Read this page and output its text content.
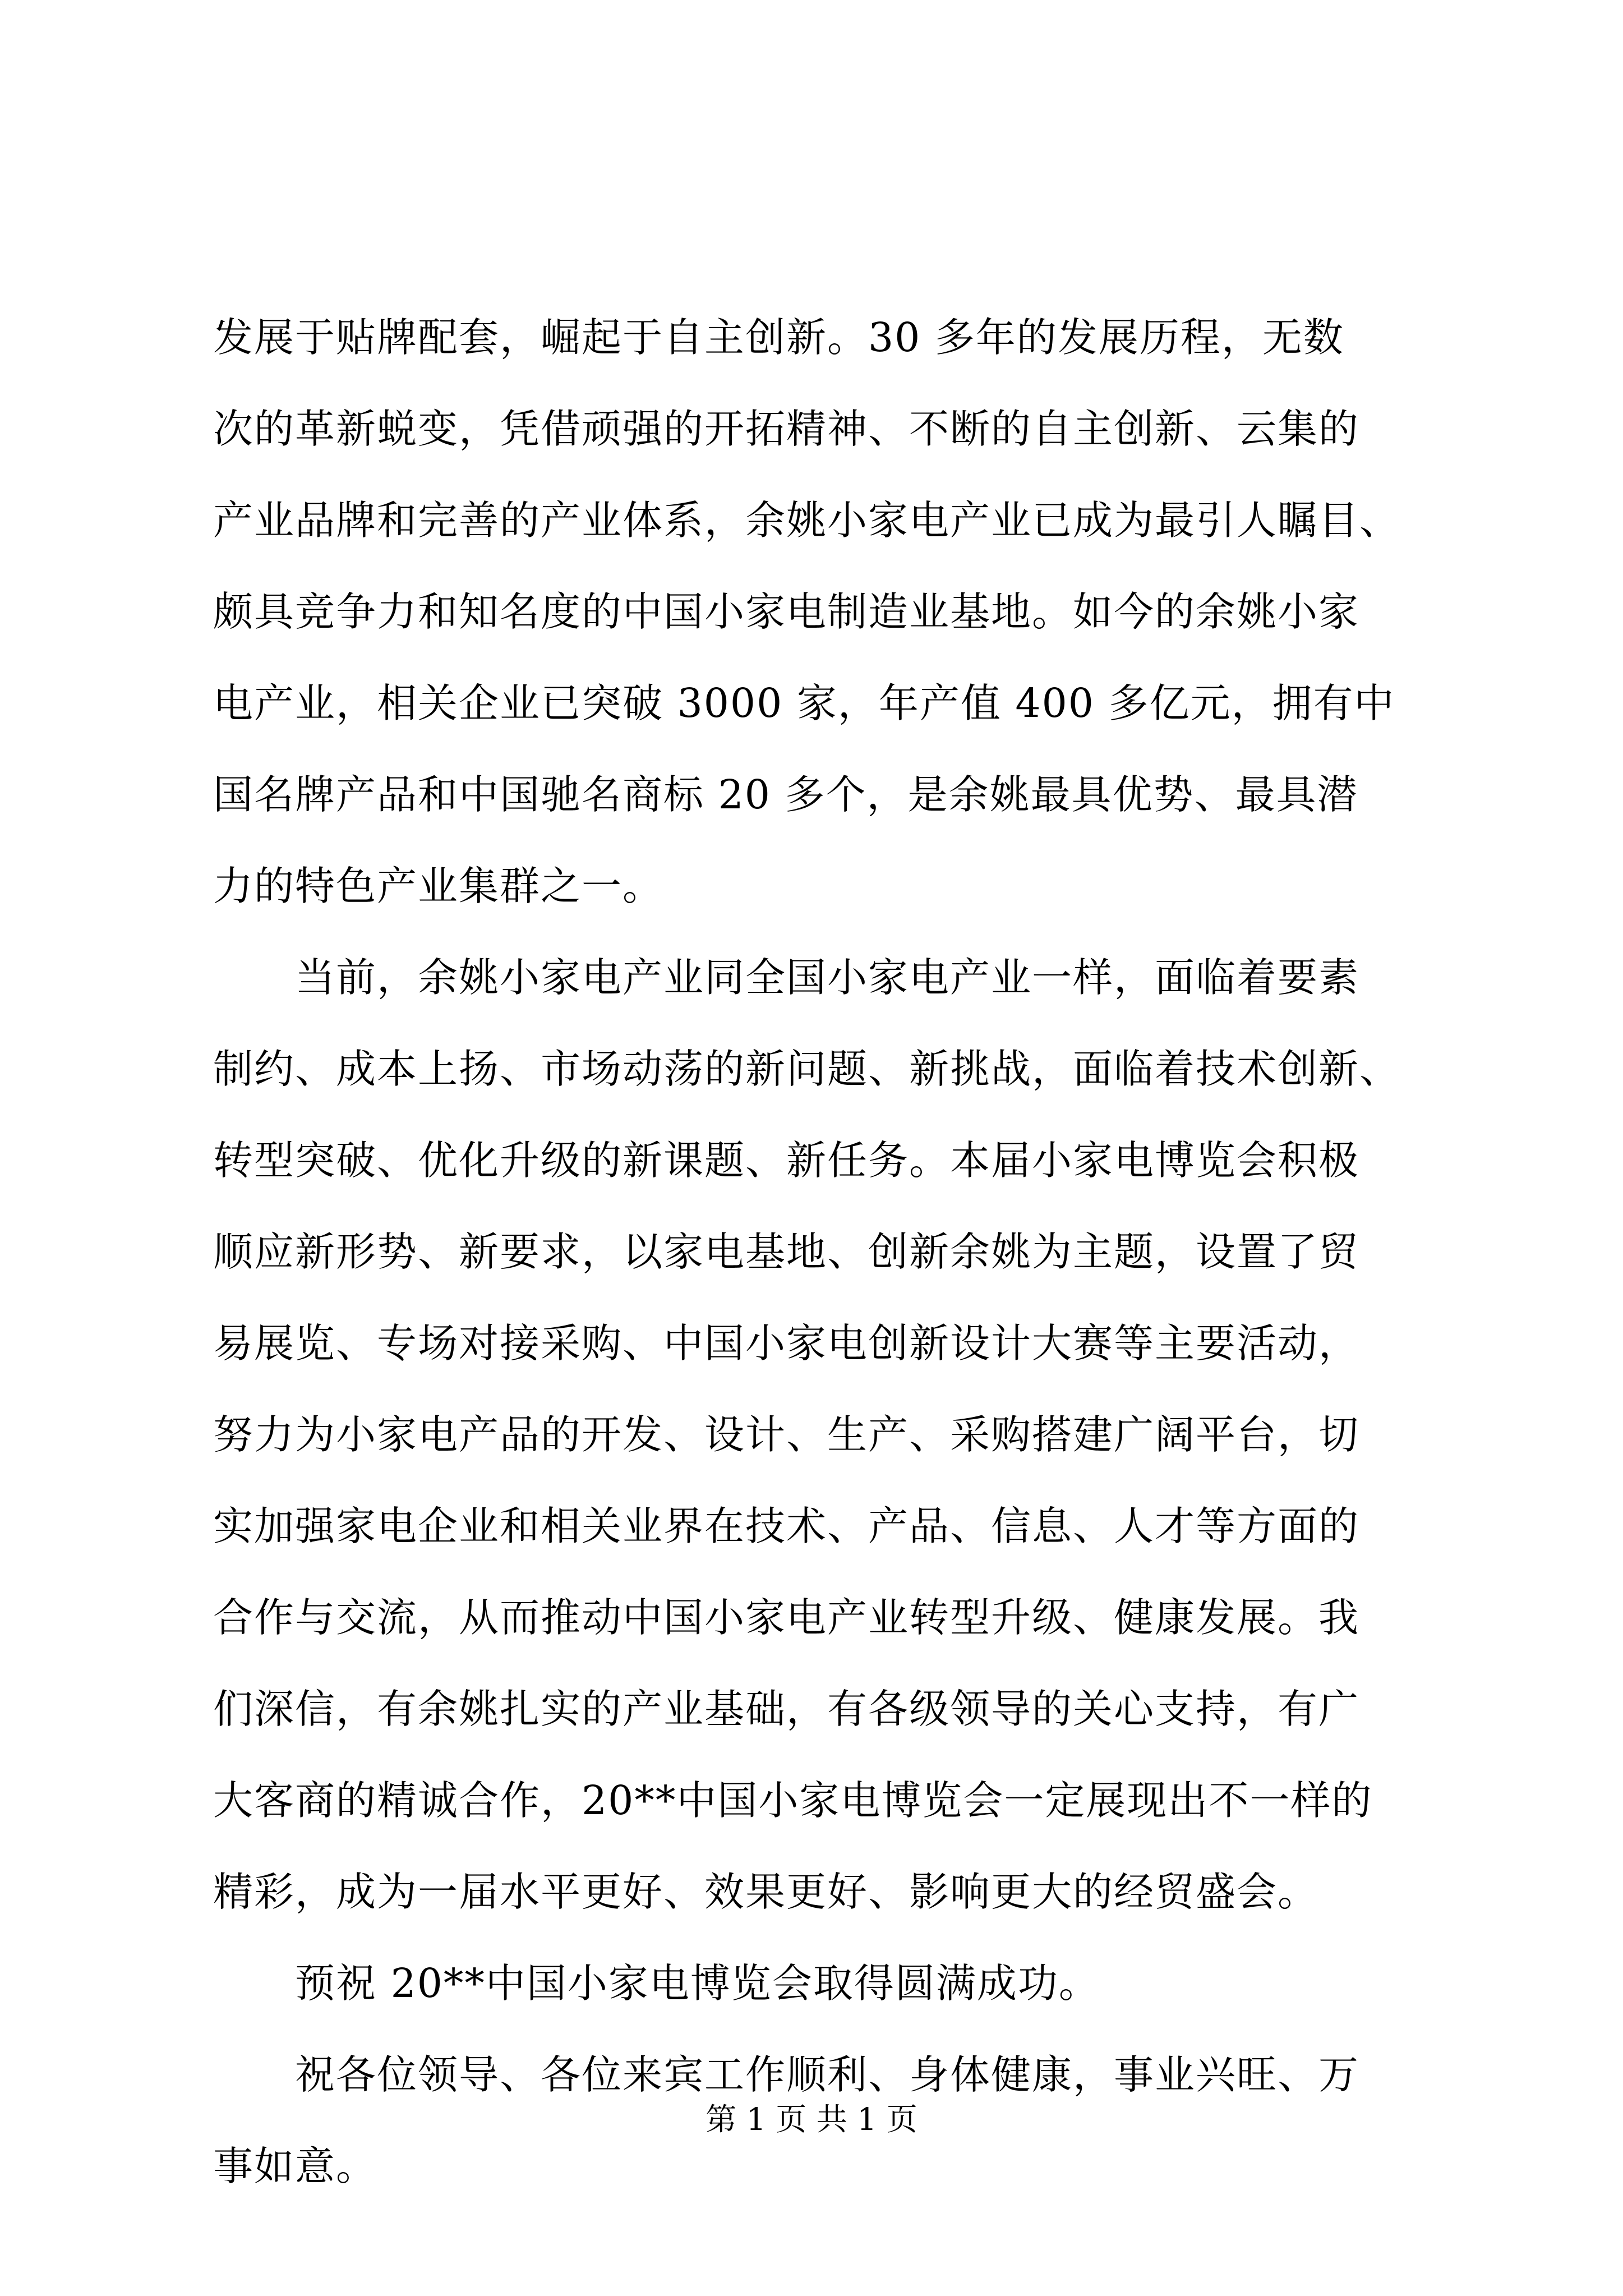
发展于贴牌配套，崛起于自主创新。30 多年的发展历程，无数
次的革新蜕变，凭借顽强的开拓精神、不断的自主创新、云集的
产业品牌和完善的产业体系，余姚小家电产业已成为最引人瞩目、
颇具竞争力和知名度的中国小家电制造业基地。如今的余姚小家
电产业，相关企业已突破 3000 家，年产值 400 多亿元，拥有中
国名牌产品和中国驰名商标 20 多个，是余姚最具优势、最具潜
力的特色产业集群之一。
　　当前，余姚小家电产业同全国小家电产业一样，面临着要素
制约、成本上扬、市场动荡的新问题、新挑战，面临着技术创新、
转型突破、优化升级的新课题、新任务。本届小家电博览会积极
顺应新形势、新要求，以家电基地、创新余姚为主题，设置了贸
易展览、专场对接采购、中国小家电创新设计大赛等主要活动，
努力为小家电产品的开发、设计、生产、采购搭建广阔平台，切
实加强家电企业和相关业界在技术、产品、信息、人才等方面的
合作与交流，从而推动中国小家电产业转型升级、健康发展。我
们深信，有余姚扎实的产业基础，有各级领导的关心支持，有广
大客商的精诚合作，20**中国小家电博览会一定展现出不一样的
精彩，成为一届水平更好、效果更好、影响更大的经贸盛会。
　　预祝 20**中国小家电博览会取得圆满成功。
　　祝各位领导、各位来宾工作顺利、身体健康，事业兴旺、万
事如意。
第 1 页 共 1 页
